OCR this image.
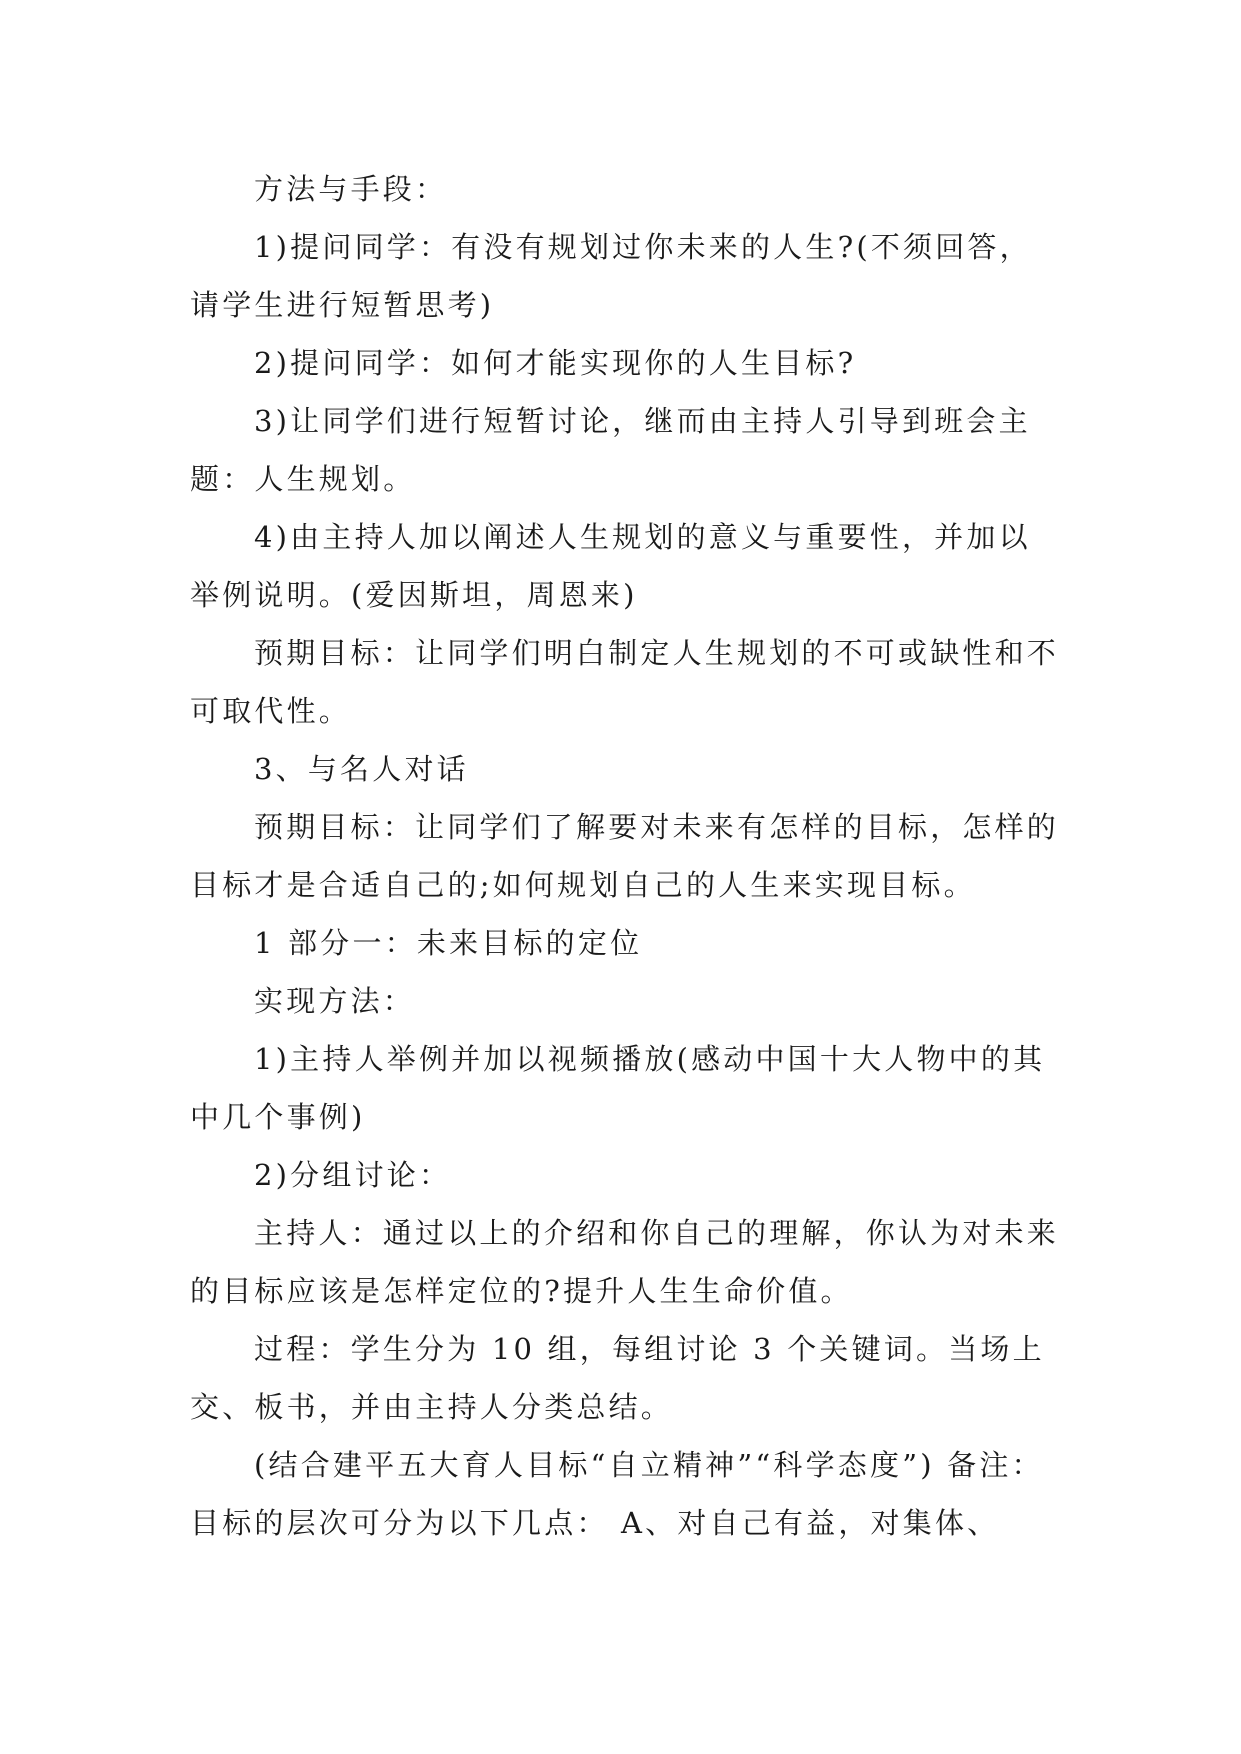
方法与手段：

1)提问同学：有没有规划过你未来的人生?(不须回答，请学生进行短暂思考)

2)提问同学：如何才能实现你的人生目标?

3)让同学们进行短暂讨论，继而由主持人引导到班会主题：人生规划。

4)由主持人加以阐述人生规划的意义与重要性，并加以举例说明。(爱因斯坦，周恩来)

预期目标：让同学们明白制定人生规划的不可或缺性和不可取代性。

3、与名人对话

预期目标：让同学们了解要对未来有怎样的目标，怎样的目标才是合适自己的;如何规划自己的人生来实现目标。

1 部分一：未来目标的定位

实现方法：

1)主持人举例并加以视频播放(感动中国十大人物中的其中几个事例)

2)分组讨论：

主持人：通过以上的介绍和你自己的理解，你认为对未来的目标应该是怎样定位的?提升人生生命价值。

过程：学生分为 10 组，每组讨论 3 个关键词。当场上交、板书，并由主持人分类总结。

(结合建平五大育人目标“自立精神”“科学态度”) 备注：目标的层次可分为以下几点： A、对自己有益，对集体、
